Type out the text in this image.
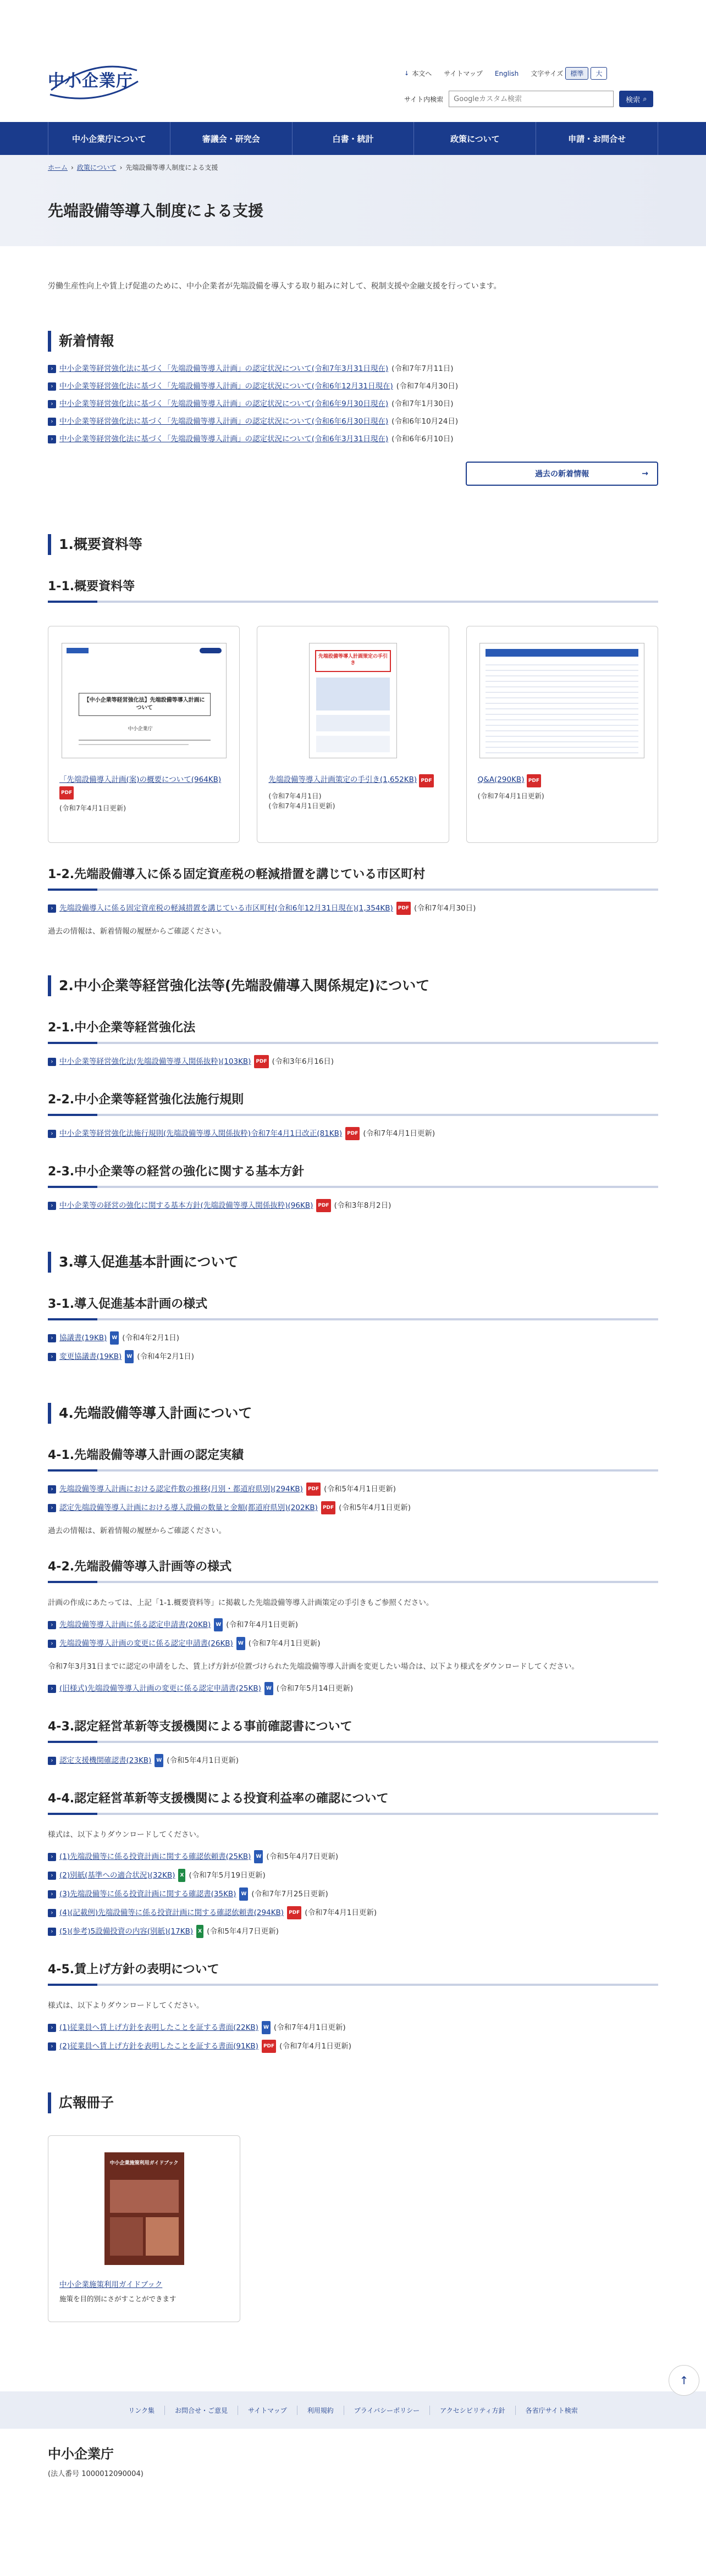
中小企業庁	↓ 本文へ サイトマップ English 文字サイズ	標準	大
サイト内検索
Googleカスタム検索	検索 ⌕
中小企業庁について	審議会・研究会	白書・統計	政策について	申請・お問合せ
ホーム › 政策について › 先端設備等導入制度による支援
先端設備等導入制度による支援

労働生産性向上や賃上げ促進のために、中小企業者が先端設備を導入する取り組みに対して、税制支援や金融支援を行っています。

新着情報
› 中小企業等経営強化法に基づく「先端設備等導入計画」の認定状況について(令和7年3月31日現在) (令和7年7月11日)
› 中小企業等経営強化法に基づく「先端設備等導入計画」の認定状況について(令和6年12月31日現在) (令和7年4月30日)
› 中小企業等経営強化法に基づく「先端設備等導入計画」の認定状況について(令和6年9月30日現在) (令和7年1月30日)
› 中小企業等経営強化法に基づく「先端設備等導入計画」の認定状況について(令和6年6月30日現在) (令和6年10月24日)
› 中小企業等経営強化法に基づく「先端設備等導入計画」の認定状況について(令和6年3月31日現在) (令和6年6月10日)
過去の新着情報	→
1.概要資料等
1-1.概要資料等
【中小企業等経営強化法】先端設備等導入計画について
中小企業庁
「先端設備導入計画(案)の概要について(964KB) PDF
(令和7年4月1日更新)
先端設備等導入計画策定の手引き
先端設備等導入計画策定の手引き(1,652KB) PDF
(令和7年4月1日)
(令和7年4月1日更新)
Q&A(290KB) PDF
(令和7年4月1日更新)
1-2.先端設備導入に係る固定資産税の軽減措置を講じている市区町村
› 先端設備導入に係る固定資産税の軽減措置を講じている市区町村(令和6年12月31日現在)(1,354KB)	PDF (令和7年4月30日)

過去の情報は、新着情報の履歴からご確認ください。

2.中小企業等経営強化法等(先端設備導入関係規定)について
2-1.中小企業等経営強化法
› 中小企業等経営強化法(先端設備等導入関係抜粋)(103KB)	PDF (令和3年6月16日)
2-2.中小企業等経営強化法施行規則
› 中小企業等経営強化法施行規則(先端設備等導入関係抜粋)令和7年4月1日改正(81KB)	PDF (令和7年4月1日更新)
2-3.中小企業等の経営の強化に関する基本方針
› 中小企業等の経営の強化に関する基本方針(先端設備等導入関係抜粋)(96KB)	PDF (令和3年8月2日)
3.導入促進基本計画について
3-1.導入促進基本計画の様式
› 協議書(19KB)	W (令和4年2月1日)
› 変更協議書(19KB)	W (令和4年2月1日)
4.先端設備等導入計画について
4-1.先端設備等導入計画の認定実績
› 先端設備等導入計画における認定件数の推移(月別・都道府県別)(294KB)	PDF (令和5年4月1日更新)
› 認定先端設備等導入計画における導入設備の数量と金額(都道府県別)(202KB)	PDF (令和5年4月1日更新)

過去の情報は、新着情報の履歴からご確認ください。

4-2.先端設備等導入計画等の様式

計画の作成にあたっては、上記「1-1.概要資料等」に掲載した先端設備等導入計画策定の手引きもご参照ください。

› 先端設備等導入計画に係る認定申請書(20KB)	W (令和7年4月1日更新)
› 先端設備等導入計画の変更に係る認定申請書(26KB)	W (令和7年4月1日更新)

令和7年3月31日までに認定の申請をした、賃上げ方針が位置づけられた先端設備等導入計画を変更したい場合は、以下より様式をダウンロードしてください。

› (旧様式)先端設備等導入計画の変更に係る認定申請書(25KB)	W (令和7年5月14日更新)
4-3.認定経営革新等支援機関による事前確認書について
› 認定支援機関確認書(23KB)	W (令和5年4月1日更新)
4-4.認定経営革新等支援機関による投資利益率の確認について

様式は、以下よりダウンロードしてください。

› (1)先端設備等に係る投資計画に関する確認依頼書(25KB)	W (令和5年4月7日更新)
› (2)別紙(基準への適合状況)(32KB)	X (令和7年5月19日更新)
› (3)先端設備等に係る投資計画に関する確認書(35KB)	W (令和7年7月25日更新)
› (4)(記載例)先端設備等に係る投資計画に関する確認依頼書(294KB)	PDF (令和7年4月1日更新)
› (5)(参考)5設備投資の内容(別紙)(17KB)	X (令和5年4月7日更新)
4-5.賃上げ方針の表明について

様式は、以下よりダウンロードしてください。

› (1)従業員へ賃上げ方針を表明したことを証する書面(22KB)	W (令和7年4月1日更新)
› (2)従業員へ賃上げ方針を表明したことを証する書面(91KB)	PDF (令和7年4月1日更新)
広報冊子
中小企業施策利用ガイドブック
中小企業施策利用ガイドブック
施策を目的別にさがすことができます
↑
リンク集	お問合せ・ご意見	サイトマップ	利用規約	プライバシーポリシー	アクセシビリティ方針	各省庁サイト検索
中小企業庁
(法人番号 1000012090004)
